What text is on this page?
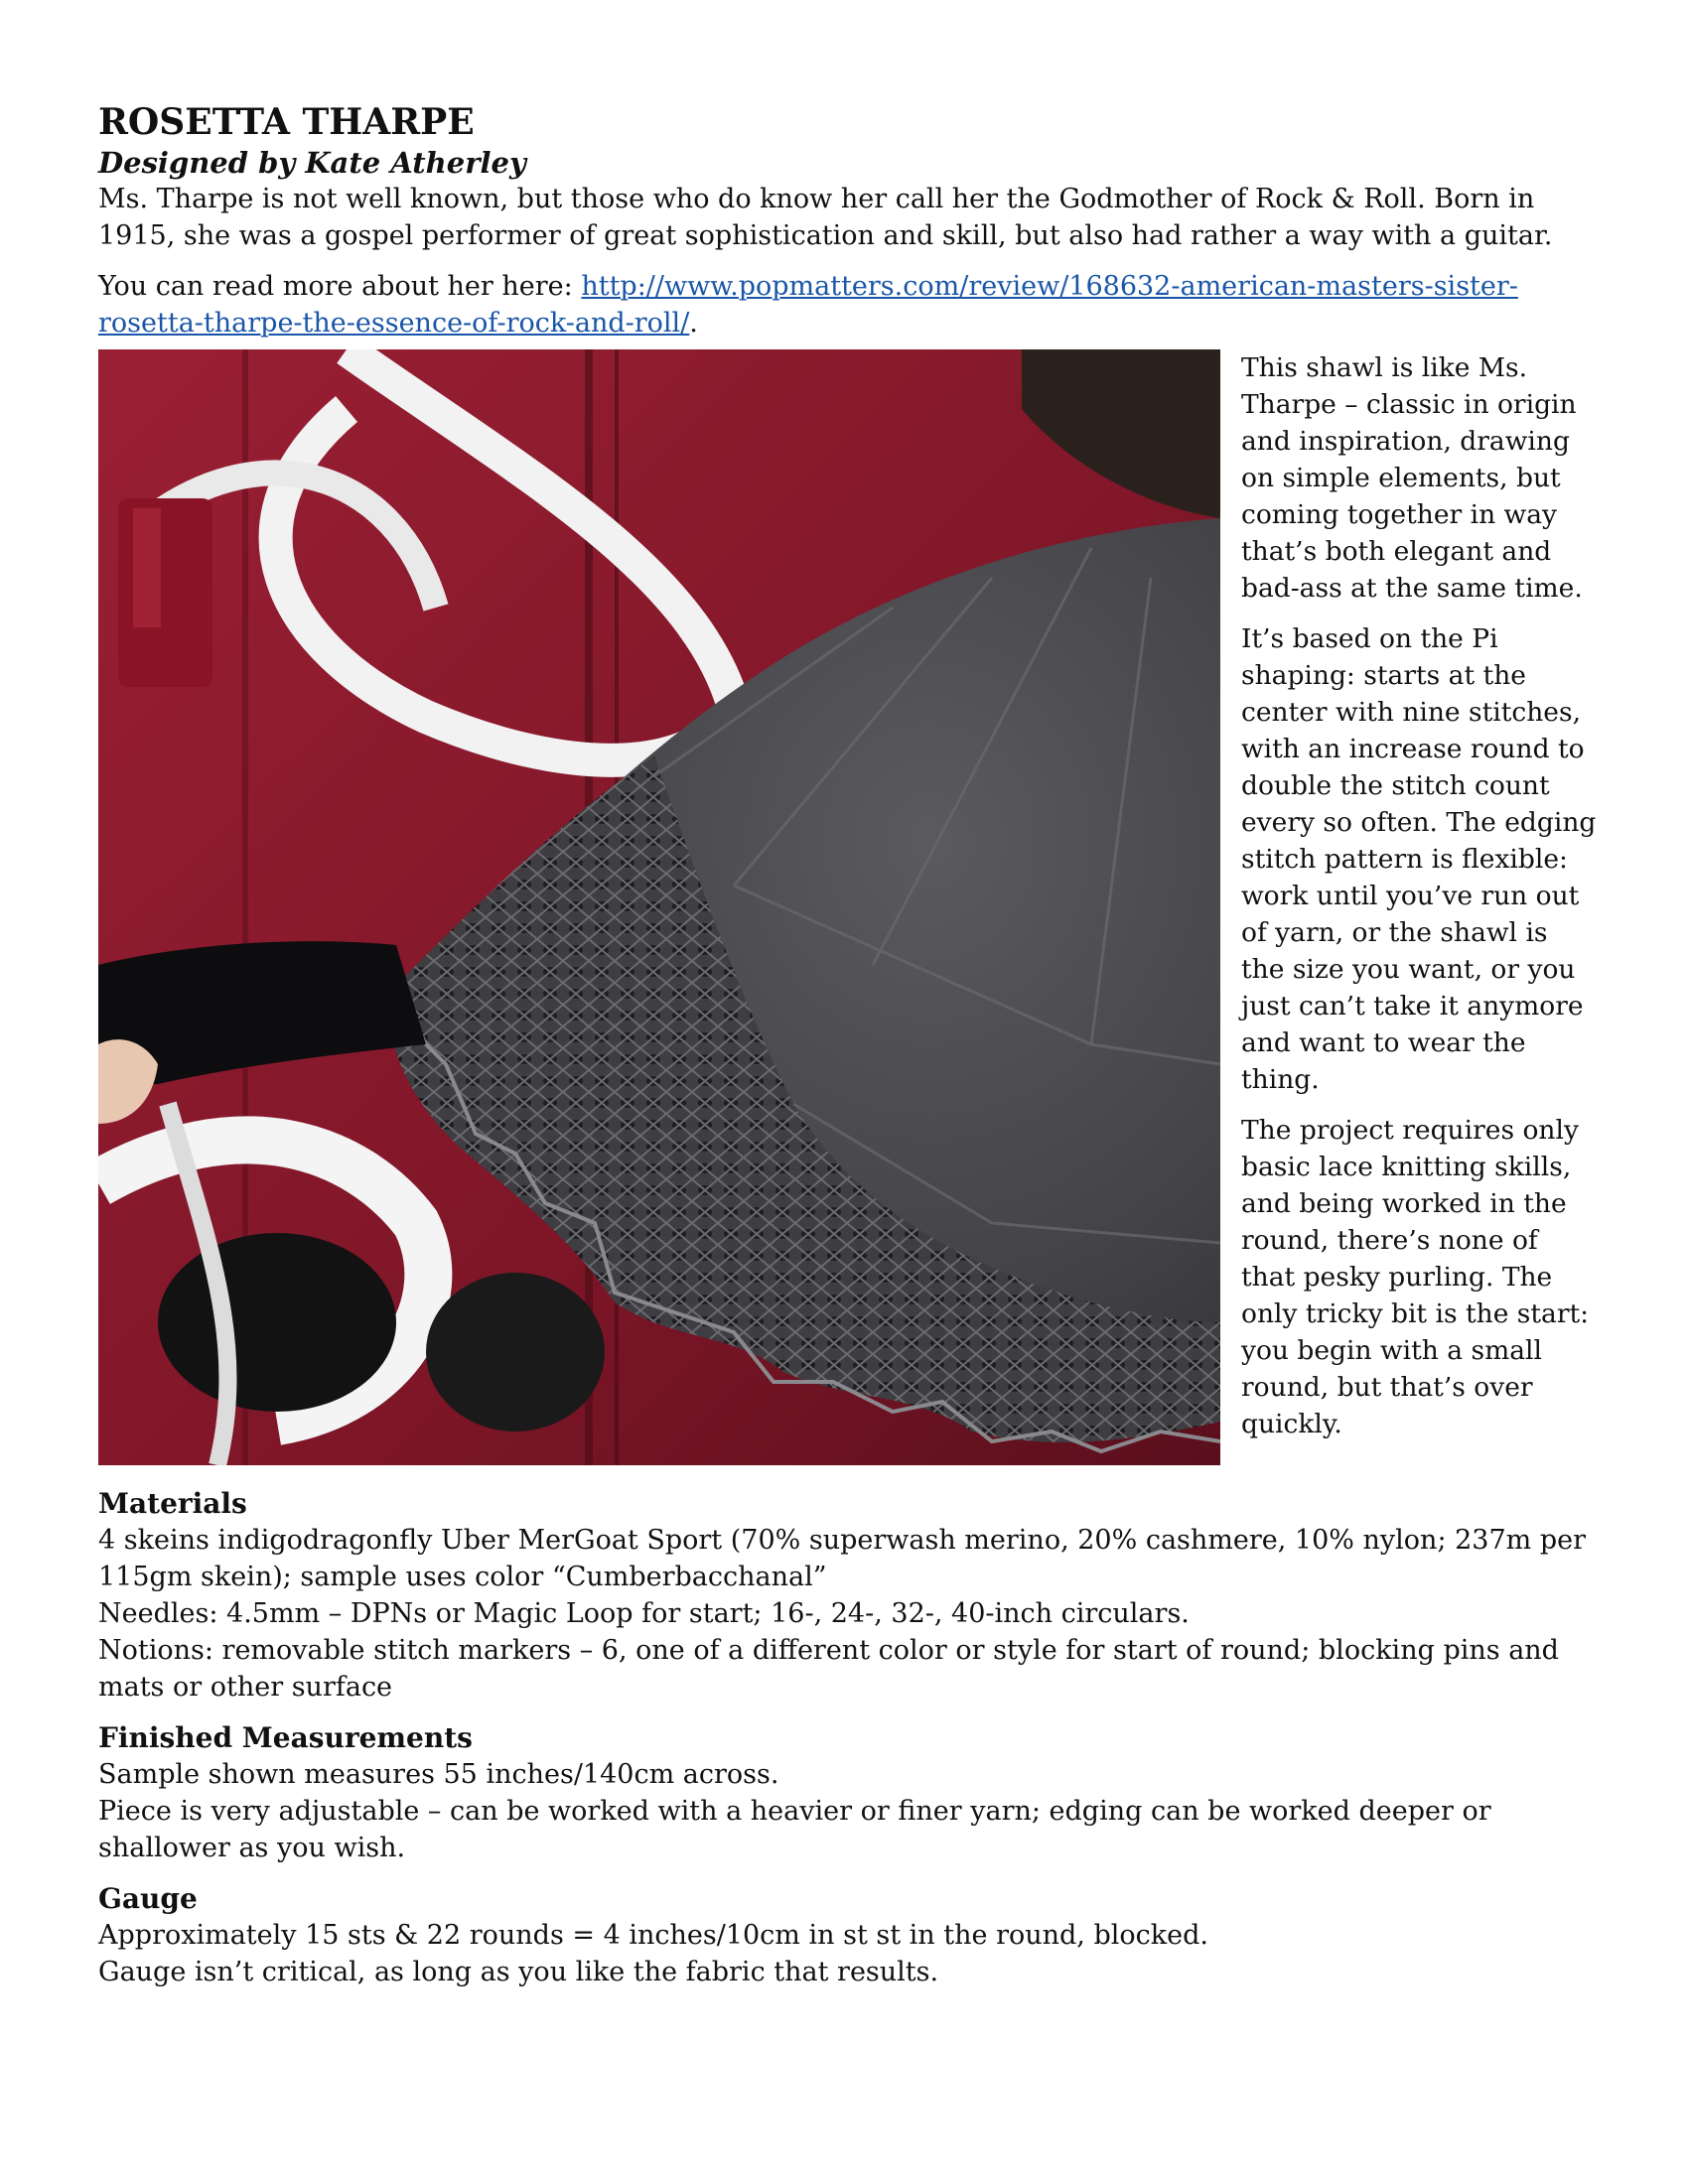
ROSETTA THARPE
Designed by Kate Atherley

Ms. Tharpe is not well known, but those who do know her call her the Godmother of Rock & Roll. Born in 1915, she was a gospel performer of great sophistication and skill, but also had rather a way with a guitar.

You can read more about her here: http://www.popmatters.com/review/168632-american-masters-sister-rosetta-tharpe-the-essence-of-rock-and-roll/.

This shawl is like Ms. Tharpe – classic in origin and inspiration, drawing on simple elements, but coming together in way that’s both elegant and bad-ass at the same time.

It’s based on the Pi shaping: starts at the center with nine stitches, with an increase round to double the stitch count every so often. The edging stitch pattern is flexible: work until you’ve run out of yarn, or the shawl is the size you want, or you just can’t take it anymore and want to wear the thing.

The project requires only basic lace knitting skills, and being worked in the round, there’s none of that pesky purling. The only tricky bit is the start: you begin with a small round, but that’s over quickly.

Materials

4 skeins indigodragonfly Uber MerGoat Sport (70% superwash merino, 20% cashmere, 10% nylon; 237m per 115gm skein); sample uses color “Cumberbacchanal”

Needles: 4.5mm – DPNs or Magic Loop for start; 16-, 24-, 32-, 40-inch circulars.

Notions: removable stitch markers – 6, one of a different color or style for start of round; blocking pins and mats or other surface

Finished Measurements

Sample shown measures 55 inches/140cm across.

Piece is very adjustable – can be worked with a heavier or finer yarn; edging can be worked deeper or shallower as you wish.

Gauge

Approximately 15 sts & 22 rounds = 4 inches/10cm in st st in the round, blocked.

Gauge isn’t critical, as long as you like the fabric that results.
